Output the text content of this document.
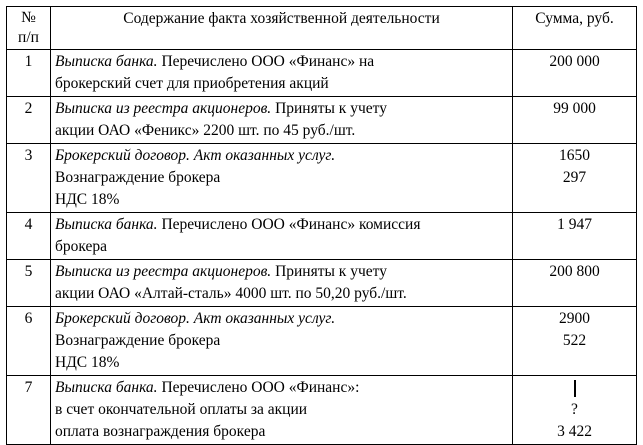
№ п/п	Содержание факта хозяйственной деятельности	Сумма, руб.
1	Выписка банка. Перечислено ООО «Финанс» на
брокерский счет для приобретения акций	200 000

2	Выписка из реестра акционеров. Приняты к учету
акции ОАО «Феникс» 2200 шт. по 45 руб./шт.	99 000

3	Брокерский договор. Акт оказанных услуг.
Вознаграждение брокера
НДС 18%	1650
297

4	Выписка банка. Перечислено ООО «Финанс» комиссия
брокера	1 947

5	Выписка из реестра акционеров. Приняты к учету
акции ОАО «Алтай-сталь» 4000 шт. по 50,20 руб./шт.	200 800

6	Брокерский договор. Акт оказанных услуг.
Вознаграждение брокера
НДС 18%	2900
522

7	Выписка банка. Перечислено ООО «Финанс»:
в счет окончательной оплаты за акции
оплата вознаграждения брокера	?
3 422
